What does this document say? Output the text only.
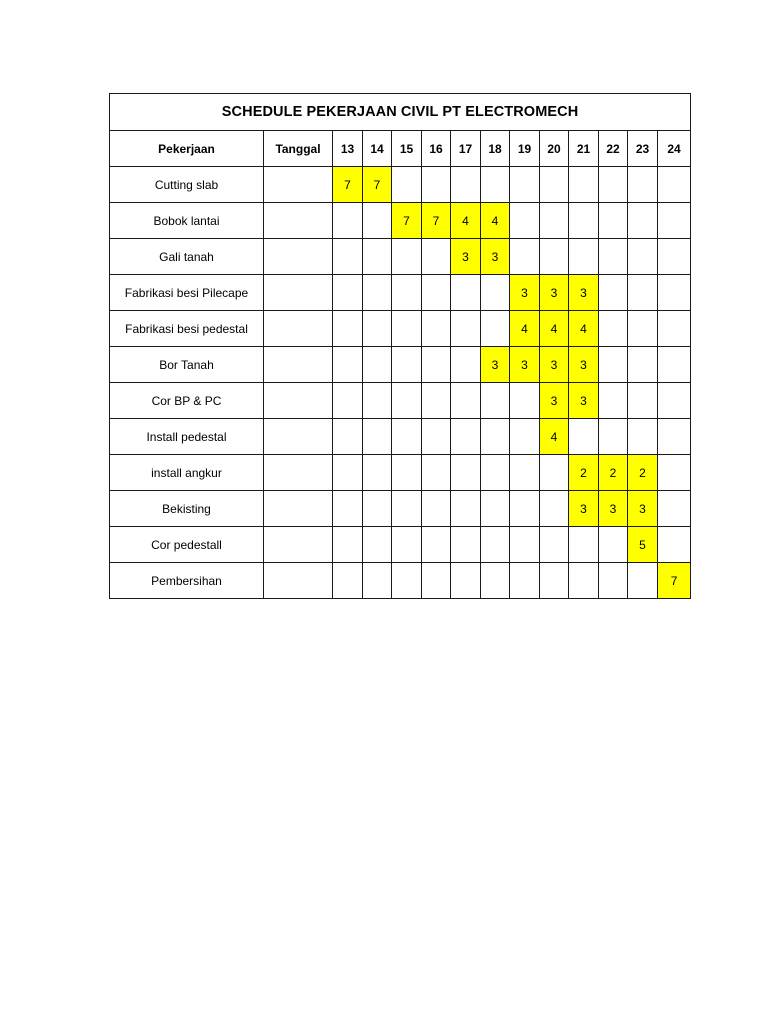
SCHEDULE PEKERJAAN CIVIL PT ELECTROMECH													
Pekerjaan	Tanggal	13	14	15	16	17	18	19	20	21	22	23	24
Cutting slab		7	7										
Bobok lantai				7	7	4	4						
Gali tanah						3	3						
Fabrikasi besi Pilecape								3	3	3			
Fabrikasi besi pedestal								4	4	4			
Bor Tanah							3	3	3	3			
Cor BP & PC									3	3			
Install pedestal									4				
install angkur										2	2	2	
Bekisting										3	3	3	
Cor pedestall												5	
Pembersihan													7
